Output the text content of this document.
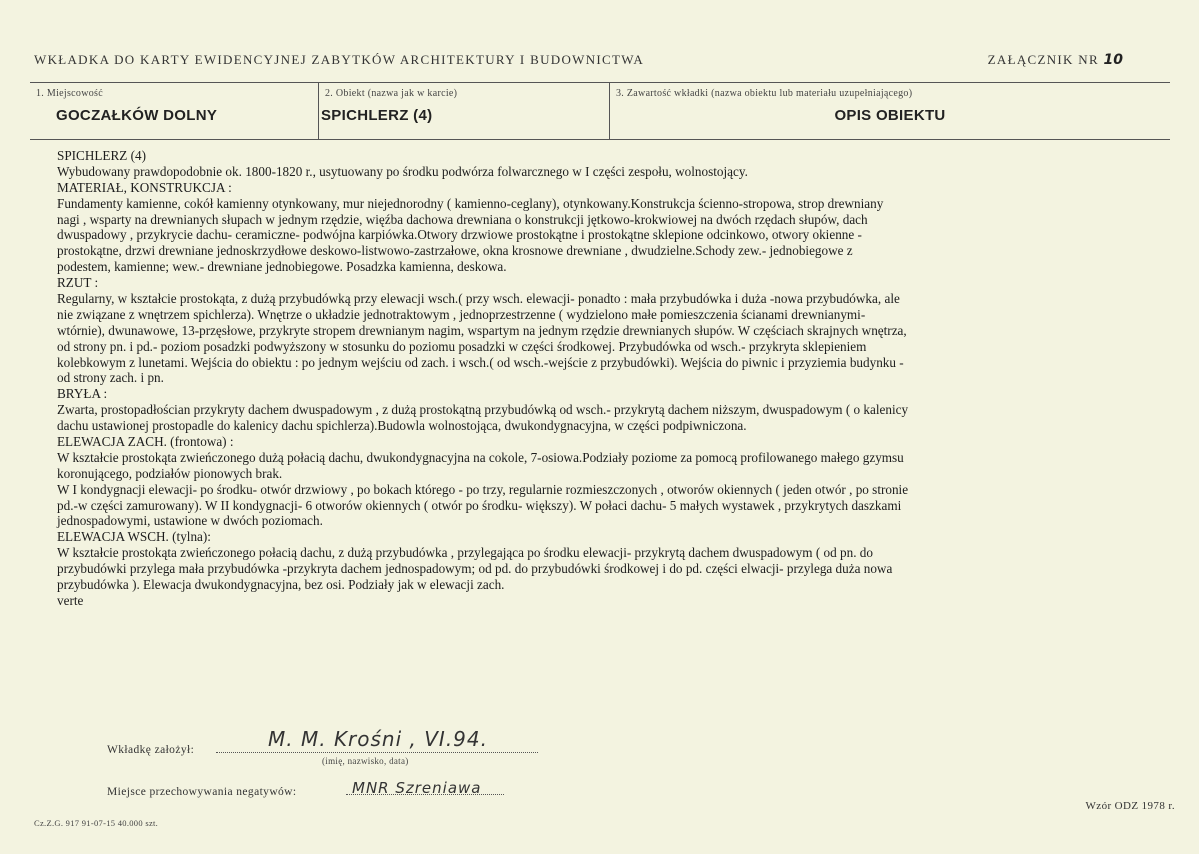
WKŁADKA DO KARTY EWIDENCYJNEJ ZABYTKÓW ARCHITEKTURY I BUDOWNICTWA	ZAŁĄCZNIK NR 10
1. Miejscowość
GOCZAŁKÓW DOLNY
2. Obiekt (nazwa jak w karcie)
SPICHLERZ (4)
3. Zawartość wkładki (nazwa obiektu lub materiału uzupełniającego)
OPIS OBIEKTU
SPICHLERZ (4)
Wybudowany prawdopodobnie ok. 1800-1820 r., usytuowany po środku podwórza folwarcznego w I części zespołu, wolnostojący.
MATERIAŁ, KONSTRUKCJA :
Fundamenty kamienne, cokół kamienny otynkowany, mur niejednorodny ( kamienno-ceglany), otynkowany.Konstrukcja ścienno-stropowa, strop drewniany
nagi , wsparty na drewnianych słupach w jednym rzędzie, więźba dachowa drewniana o konstrukcji jętkowo-krokwiowej na dwóch rzędach słupów, dach
dwuspadowy , przykrycie dachu- ceramiczne- podwójna karpiówka.Otwory drzwiowe prostokątne i prostokątne sklepione odcinkowo, otwory okienne -
prostokątne, drzwi drewniane jednoskrzydłowe deskowo-listwowo-zastrzałowe, okna krosnowe drewniane , dwudzielne.Schody zew.- jednobiegowe z
podestem, kamienne; wew.- drewniane jednobiegowe. Posadzka kamienna, deskowa.
RZUT :
Regularny, w kształcie prostokąta, z dużą przybudówką przy elewacji wsch.( przy wsch. elewacji- ponadto : mała przybudówka i duża -nowa przybudówka, ale
nie związane z wnętrzem spichlerza). Wnętrze o układzie jednotraktowym , jednoprzestrzenne ( wydzielono małe pomieszczenia ścianami drewnianymi-
wtórnie), dwunawowe, 13-przęsłowe, przykryte stropem drewnianym nagim, wspartym na jednym rzędzie drewnianych słupów. W częściach skrajnych wnętrza,
od strony pn. i pd.- poziom posadzki podwyższony w stosunku do poziomu posadzki w części środkowej. Przybudówka od wsch.- przykryta sklepieniem
kolebkowym z lunetami. Wejścia do obiektu : po jednym wejściu od zach. i wsch.( od wsch.-wejście z przybudówki). Wejścia do piwnic i przyziemia budynku -
od strony zach. i pn.
BRYŁA :
Zwarta, prostopadłościan przykryty dachem dwuspadowym , z dużą prostokątną przybudówką od wsch.- przykrytą dachem niższym, dwuspadowym ( o kalenicy
dachu ustawionej prostopadle do kalenicy dachu spichlerza).Budowla wolnostojąca, dwukondygnacyjna, w części podpiwniczona.
ELEWACJA ZACH. (frontowa) :
W kształcie prostokąta zwieńczonego dużą połacią dachu, dwukondygnacyjna na cokole, 7-osiowa.Podziały poziome za pomocą profilowanego małego gzymsu
koronującego, podziałów pionowych brak.
W I kondygnacji elewacji- po środku- otwór drzwiowy , po bokach którego - po trzy, regularnie rozmieszczonych , otworów okiennych ( jeden otwór , po stronie
pd.-w części zamurowany). W II kondygnacji- 6 otworów okiennych ( otwór po środku- większy). W połaci dachu- 5 małych wystawek , przykrytych daszkami
jednospadowymi, ustawione w dwóch poziomach.
ELEWACJA WSCH. (tylna):
W kształcie prostokąta zwieńczonego połacią dachu, z dużą przybudówka , przylegająca po środku elewacji- przykrytą dachem dwuspadowym ( od pn. do
przybudówki przylega mała przybudówka -przykryta dachem jednospadowym; od pd. do przybudówki środkowej i do pd. części elwacji- przylega duża nowa
przybudówka ). Elewacja dwukondygnacyjna, bez osi. Podziały jak w elewacji zach.
verte
Wkładkę założył:	M. M. Krośni , VI.94.
(imię, nazwisko, data)
Miejsce przechowywania negatywów:	MNR Szreniawa
Cz.Z.G. 917 91-07-15 40.000 szt.
Wzór ODZ 1978 r.
